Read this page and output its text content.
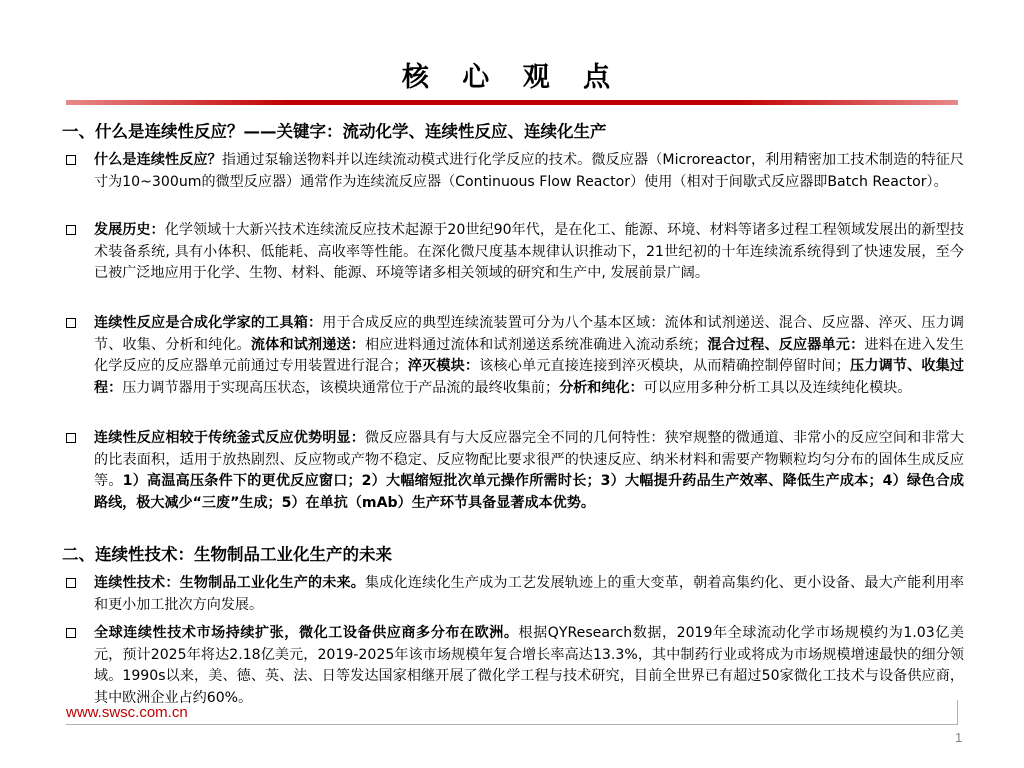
核 心 观 点
一、什么是连续性反应？——关键字：流动化学、连续性反应、连续化生产
什么是连续性反应？指通过泵输送物料并以连续流动模式进行化学反应的技术。微反应器（Microreactor，利用精密加工技术制造的特征尺寸为10~300um的微型反应器）通常作为连续流反应器（Continuous Flow Reactor）使用（相对于间歇式反应器即Batch Reactor）。
发展历史：化学领域十大新兴技术连续流反应技术起源于20世纪90年代，是在化工、能源、环境、材料等诸多过程工程领域发展出的新型技术装备系统, 具有小体积、低能耗、高收率等性能。在深化微尺度基本规律认识推动下，21世纪初的十年连续流系统得到了快速发展，至今已被广泛地应用于化学、生物、材料、能源、环境等诸多相关领域的研究和生产中, 发展前景广阔。
连续性反应是合成化学家的工具箱：用于合成反应的典型连续流装置可分为八个基本区域：流体和试剂递送、混合、反应器、淬灭、压力调节、收集、分析和纯化。流体和试剂递送：相应进料通过流体和试剂递送系统准确进入流动系统；混合过程、反应器单元：进料在进入发生化学反应的反应器单元前通过专用装置进行混合；淬灭模块：该核心单元直接连接到淬灭模块，从而精确控制停留时间；压力调节、收集过程：压力调节器用于实现高压状态，该模块通常位于产品流的最终收集前；分析和纯化：可以应用多种分析工具以及连续纯化模块。
连续性反应相较于传统釜式反应优势明显：微反应器具有与大反应器完全不同的几何特性：狭窄规整的微通道、非常小的反应空间和非常大的比表面积，适用于放热剧烈、反应物或产物不稳定、反应物配比要求很严的快速反应、纳米材料和需要产物颗粒均匀分布的固体生成反应等。1）高温高压条件下的更优反应窗口；2）大幅缩短批次单元操作所需时长；3）大幅提升药品生产效率、降低生产成本；4）绿色合成路线，极大减少“三废”生成；5）在单抗（mAb）生产环节具备显著成本优势。
二、连续性技术：生物制品工业化生产的未来
连续性技术：生物制品工业化生产的未来。集成化连续化生产成为工艺发展轨迹上的重大变革，朝着高集约化、更小设备、最大产能利用率和更小加工批次方向发展。
全球连续性技术市场持续扩张，微化工设备供应商多分布在欧洲。根据QYResearch数据，2019年全球流动化学市场规模约为1.03亿美元，预计2025年将达2.18亿美元，2019-2025年该市场规模年复合增长率高达13.3%，其中制药行业或将成为市场规模增速最快的细分领域。1990s以来，美、德、英、法、日等发达国家相继开展了微化学工程与技术研究，目前全世界已有超过50家微化工技术与设备供应商， 其中欧洲企业占约60%。
www.swsc.com.cn
1
